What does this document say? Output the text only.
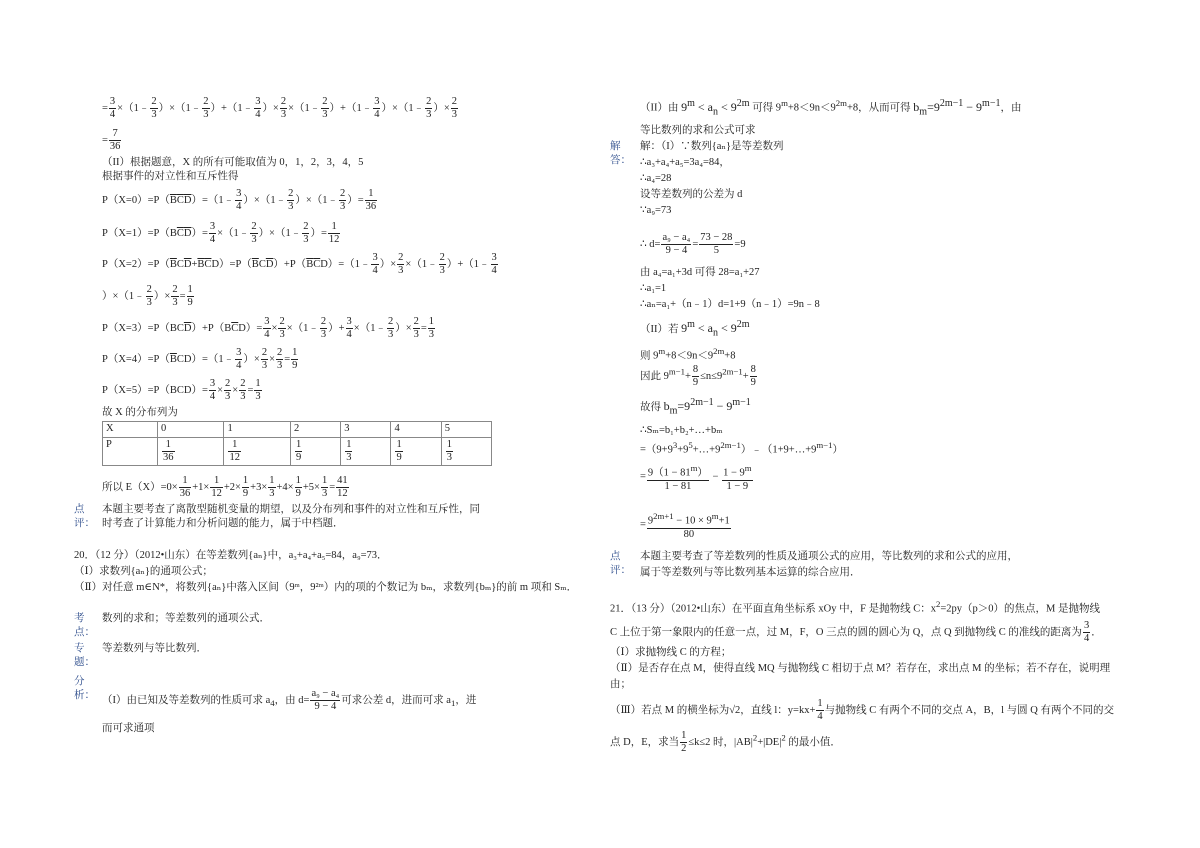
= $\frac{3}{4}$ ×（1﹣ $\frac{2}{3}$ ）×（1﹣ $\frac{2}{3}$ ）+（1﹣ $\frac{3}{4}$ ）× $\frac{2}{3}$ ×（1﹣ $\frac{2}{3}$ ）+（1﹣ $\frac{3}{4}$ ）×（1﹣ $\frac{2}{3}$ ）× $\frac{2}{3}$
= $\frac{7}{36}$
（II）根据题意，X 的所有可能取值为 0，1，2，3，4，5
根据事件的对立性和互斥性得
$P(X=0)=P(\overline{B}\overline{C}\overline{D})=(1﹣ \frac{3}{4}$ ）×（1﹣ $\frac{2}{3}$ ）×（1﹣ $\frac{2}{3}$ ）= $\frac{1}{36}$
$P(X=1)=P(B\overline{C}\overline{D})= \frac{3}{4}$ ×（1﹣ $\frac{2}{3}$ ）×（1﹣ $\frac{2}{3}$ ）= $\frac{1}{12}$
$P(X=2)=P(\overline{B}C\overline{D}+\overline{B}\overline{C}D)=P(\overline{B}C\overline{D})+P(\overline{B}\overline{C}D)=(1﹣ \frac{3}{4}$ ）× $\frac{2}{3}$ ×（1﹣ $\frac{2}{3}$ ）+（1﹣ $\frac{3}{4}$
）×（1﹣ $\frac{2}{3}$ ）× $\frac{2}{3} = \frac{1}{9}$
$P(X=3)=P(BC\overline{D})+P(B\overline{C}D)= \frac{3}{4} \times \frac{2}{3}$ ×（1﹣ $\frac{2}{3}$ ）+ $\frac{3}{4}$ ×（1﹣ $\frac{2}{3}$ ）× $\frac{2}{3} = \frac{1}{3}$
$P(X=4)=P(\overline{B}CD)=(1﹣ \frac{3}{4}$ ）× $\frac{2}{3} \times \frac{2}{3} = \frac{1}{9}$
$P(X=5)=P(BCD)= \frac{3}{4} \times \frac{2}{3} \times \frac{2}{3} = \frac{1}{3}$
故 X 的分布列为
X	0	1	2	3	4	5
P	$\frac{1}{36}$	$\frac{1}{12}$	$\frac{1}{9}$	$\frac{1}{3}$	$\frac{1}{9}$	$\frac{1}{3}$
所以 $E(X)=0\times \frac{1}{36} +1\times \frac{1}{12} +2\times \frac{1}{9} +3\times \frac{1}{3} +4\times \frac{1}{9} +5\times \frac{1}{3} = \frac{41}{12}$
点
评：
本题主要考查了离散型随机变量的期望，以及分布列和事件的对立性和互斥性，同
时考查了计算能力和分析问题的能力，属于中档题．
20．（12 分）（2012•山东）在等差数列{aₙ}中，a₃+a₄+a₅=84，a₉=73．
（Ⅰ）求数列{aₙ}的通项公式；
（Ⅱ）对任意 m∈N*，将数列{aₙ}中落入区间（9ᵐ，9²ᵐ）内的项的个数记为 bₘ，求数列{bₘ}的前 m 项和 Sₘ．
考
点：
数列的求和；等差数列的通项公式．
专
题：
等差数列与等比数列．
分
析： （I）由已知及等差数列的性质可求 $a_4$，由 $d= \frac{\text{a₉ − a₄}}{9 - 4}$ 可求公差 d，进而可求 $a_1$，进
而可求通项
（II）由 $9^m < a_n < 9^{2m}$ 可得 $9^m+8<9n<9^{2m}+8$，从而可得 $b_m=9^{2m-1} - 9^{m-1}$，由
等比数列的求和公式可求
解
答：
解：（I）∵数列{aₙ}是等差数列
∴a₃+a₄+a₅=3a₄=84，
∴a₄=28
设等差数列的公差为 d
∵a₉=73
∴ $d= \frac{\text{a₉ − a₄}}{9 - 4} = \frac{73 - 28}{5} =9$
由 a₄=a₁+3d 可得 28=a₁+27
∴a₁=1
∴aₙ=a₁+（n﹣1）d=1+9（n﹣1）=9n﹣8
（II）若 $9^m < a_n < 9^{2m}$
则 $9^m+8<9n<9^{2m}+8$
因此 $9^{m-1}+ \frac{8}{9} \le n\le 9^{2m-1}+ \frac{8}{9}$
故得 $b_m=9^{2m-1} - 9^{m-1}$
∴Sₘ=b₁+b₂+…+bₘ
$=(9+9^3+9^5+\dots+9^{2m-1})﹣(1+9+\dots+9^{m-1})$
= $\frac{9(1 - 81^m)}{1 - 81} - \frac{1 - 9^m}{1 - 9}$
= $\frac{9^{2m+1} - 10 \times 9^m+1}{80}$
点
评：
本题主要考查了等差数列的性质及通项公式的应用，等比数列的求和公式的应用，
属于等差数列与等比数列基本运算的综合应用．
21．（13 分）（2012•山东）在平面直角坐标系 xOy 中，F 是抛物线 C：$x^2=2py(p>0)$的焦点，M 是抛物线
C 上位于第一象限内的任意一点，过 M，F，O 三点的圆的圆心为 Q，点 Q 到抛物线 C 的准线的距离为 $\frac{3}{4}$ ．
（Ⅰ）求抛物线 C 的方程；
（Ⅱ）是否存在点 M，使得直线 MQ 与抛物线 C 相切于点 M？若存在，求出点 M 的坐标；若不存在，说明理
由；
（Ⅲ）若点 M 的横坐标为√2，直线 l：$y=kx+ \frac{1}{4}$ 与抛物线 C 有两个不同的交点 A，B，l 与圆 Q 有两个不同的交
点 D，E，求当 $\frac{1}{2} \le k\le 2$ 时，$|AB|^2+|DE|^2$ 的最小值．
